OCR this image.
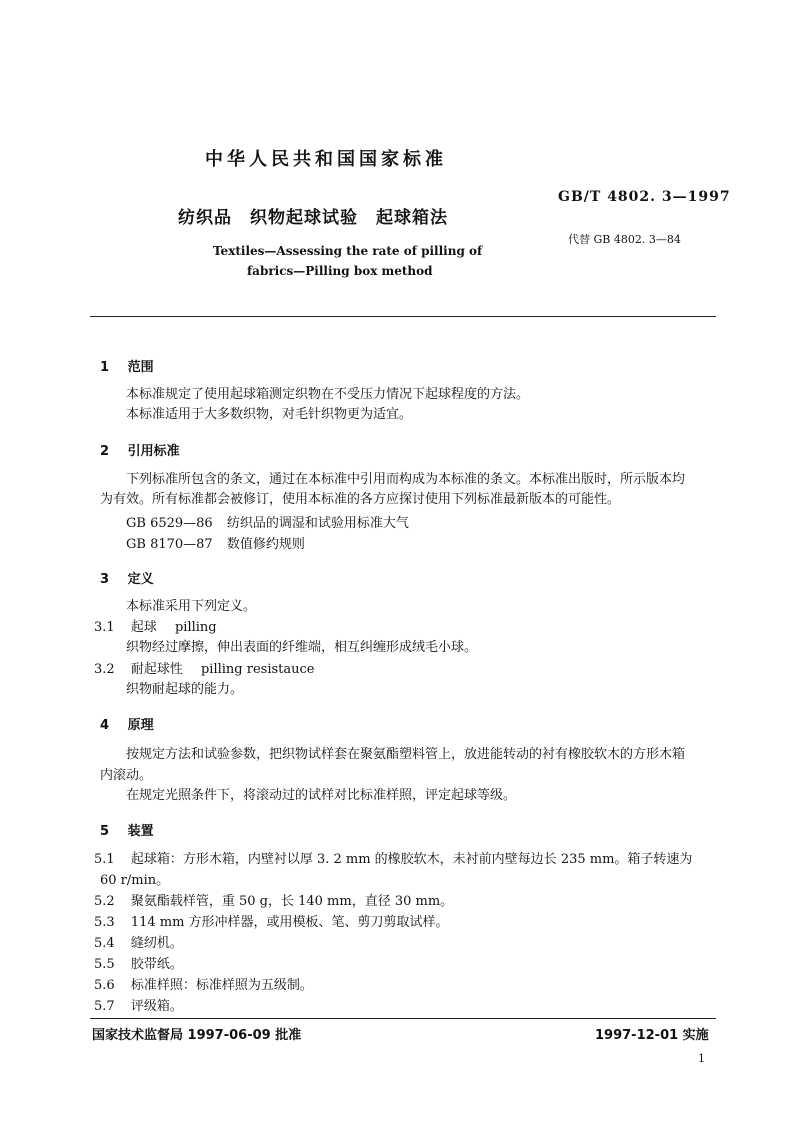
中华人民共和国国家标准
纺织品　织物起球试验　起球箱法
Textiles—Assessing the rate of pilling of
fabrics—Pilling box method
GB/T 4802. 3—1997
代替 GB 4802. 3—84
1 范围
本标准规定了使用起球箱测定织物在不受压力情况下起球程度的方法。
本标准适用于大多数织物，对毛针织物更为适宜。
2 引用标准
下列标准所包含的条文，通过在本标准中引用而构成为本标准的条文。本标准出版时，所示版本均
为有效。所有标准都会被修订，使用本标准的各方应探讨使用下列标准最新版本的可能性。
GB 6529—86 纺织品的调湿和试验用标准大气
GB 8170—87 数值修约规则
3 定义
本标准采用下列定义。
3.1 起球 pilling
织物经过摩擦，伸出表面的纤维端，相互纠缠形成绒毛小球。
3.2 耐起球性 pilling resistauce
织物耐起球的能力。
4 原理
按规定方法和试验参数，把织物试样套在聚氨酯塑料管上，放进能转动的衬有橡胶软木的方形木箱
内滚动。
在规定光照条件下，将滚动过的试样对比标准样照，评定起球等级。
5 装置
5.1 起球箱：方形木箱，内壁衬以厚 3. 2 mm 的橡胶软木，未衬前内壁每边长 235 mm。箱子转速为
60 r/min。
5.2 聚氨酯载样管，重 50 g，长 140 mm，直径 30 mm。
5.3 114 mm 方形冲样器，或用模板、笔、剪刀剪取试样。
5.4 缝纫机。
5.5 胶带纸。
5.6 标准样照：标准样照为五级制。
5.7 评级箱。
国家技术监督局 1997-06-09 批准	1997-12-01 实施
1
